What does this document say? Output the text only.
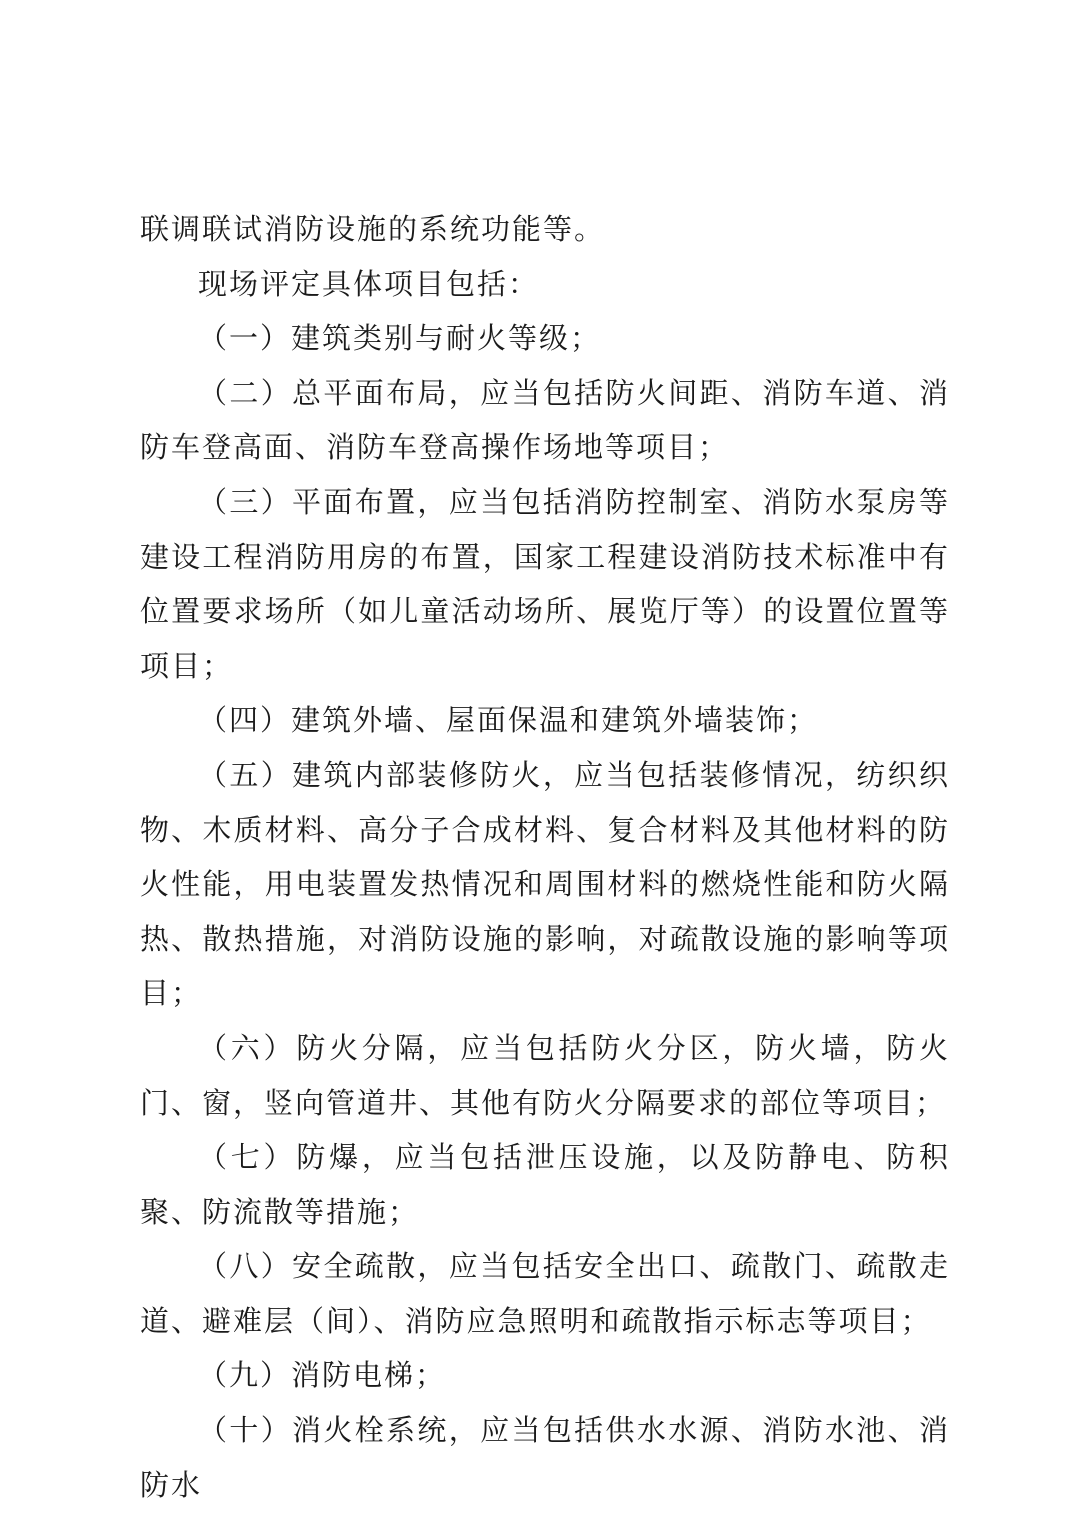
联调联试消防设施的系统功能等。

现场评定具体项目包括：

（一）建筑类别与耐火等级；

（二）总平面布局，应当包括防火间距、消防车道、消防车登高面、消防车登高操作场地等项目；

（三）平面布置，应当包括消防控制室、消防水泵房等建设工程消防用房的布置，国家工程建设消防技术标准中有位置要求场所（如儿童活动场所、展览厅等）的设置位置等项目；

（四）建筑外墙、屋面保温和建筑外墙装饰；

（五）建筑内部装修防火，应当包括装修情况，纺织织物、木质材料、高分子合成材料、复合材料及其他材料的防火性能，用电装置发热情况和周围材料的燃烧性能和防火隔热、散热措施，对消防设施的影响，对疏散设施的影响等项目；

（六）防火分隔，应当包括防火分区，防火墙，防火门、窗，竖向管道井、其他有防火分隔要求的部位等项目；

（七）防爆，应当包括泄压设施，以及防静电、防积聚、防流散等措施；

（八）安全疏散，应当包括安全出口、疏散门、疏散走道、避难层（间）、消防应急照明和疏散指示标志等项目；

（九）消防电梯；

（十）消火栓系统，应当包括供水水源、消防水池、消防水
